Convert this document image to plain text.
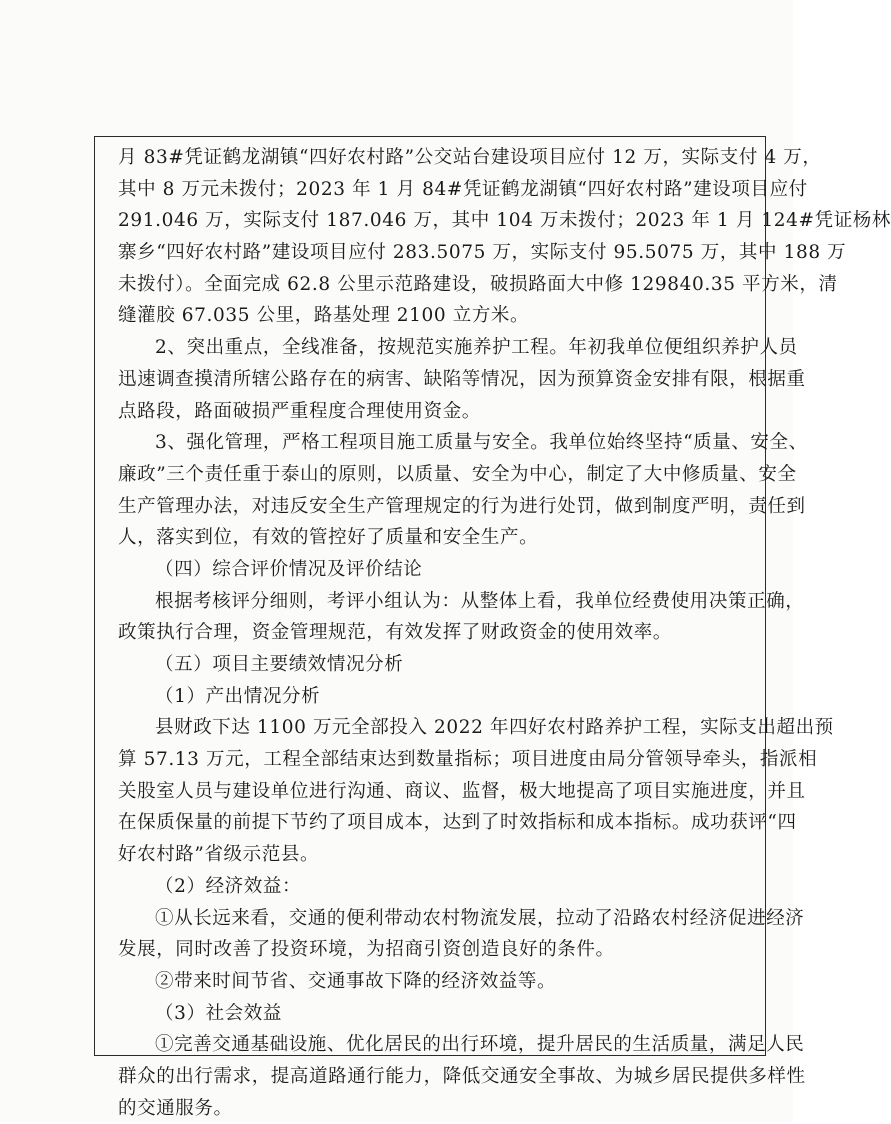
月 83#凭证鹤龙湖镇“四好农村路”公交站台建设项目应付 12 万，实际支付 4 万，
其中 8 万元未拨付；2023 年 1 月 84#凭证鹤龙湖镇“四好农村路”建设项目应付
291.046 万，实际支付 187.046 万，其中 104 万未拨付；2023 年 1 月 124#凭证杨林
寨乡“四好农村路”建设项目应付 283.5075 万，实际支付 95.5075 万，其中 188 万
未拨付）。全面完成 62.8 公里示范路建设，破损路面大中修 129840.35 平方米，清
缝灌胶 67.035 公里，路基处理 2100 立方米。
2、突出重点，全线准备，按规范实施养护工程。年初我单位便组织养护人员
迅速调查摸清所辖公路存在的病害、缺陷等情况，因为预算资金安排有限，根据重
点路段，路面破损严重程度合理使用资金。
3、强化管理，严格工程项目施工质量与安全。我单位始终坚持“质量、安全、
廉政”三个责任重于泰山的原则，以质量、安全为中心，制定了大中修质量、安全
生产管理办法，对违反安全生产管理规定的行为进行处罚，做到制度严明，责任到
人，落实到位，有效的管控好了质量和安全生产。
（四）综合评价情况及评价结论
根据考核评分细则，考评小组认为：从整体上看，我单位经费使用决策正确，
政策执行合理，资金管理规范，有效发挥了财政资金的使用效率。
（五）项目主要绩效情况分析
（1）产出情况分析
县财政下达 1100 万元全部投入 2022 年四好农村路养护工程，实际支出超出预
算 57.13 万元，工程全部结束达到数量指标；项目进度由局分管领导牵头，指派相
关股室人员与建设单位进行沟通、商议、监督，极大地提高了项目实施进度，并且
在保质保量的前提下节约了项目成本，达到了时效指标和成本指标。成功获评“四
好农村路”省级示范县。
（2）经济效益：
①从长远来看，交通的便利带动农村物流发展，拉动了沿路农村经济促进经济
发展，同时改善了投资环境，为招商引资创造良好的条件。
②带来时间节省、交通事故下降的经济效益等。
（3）社会效益
①完善交通基础设施、优化居民的出行环境，提升居民的生活质量，满足人民
群众的出行需求，提高道路通行能力，降低交通安全事故、为城乡居民提供多样性
的交通服务。
